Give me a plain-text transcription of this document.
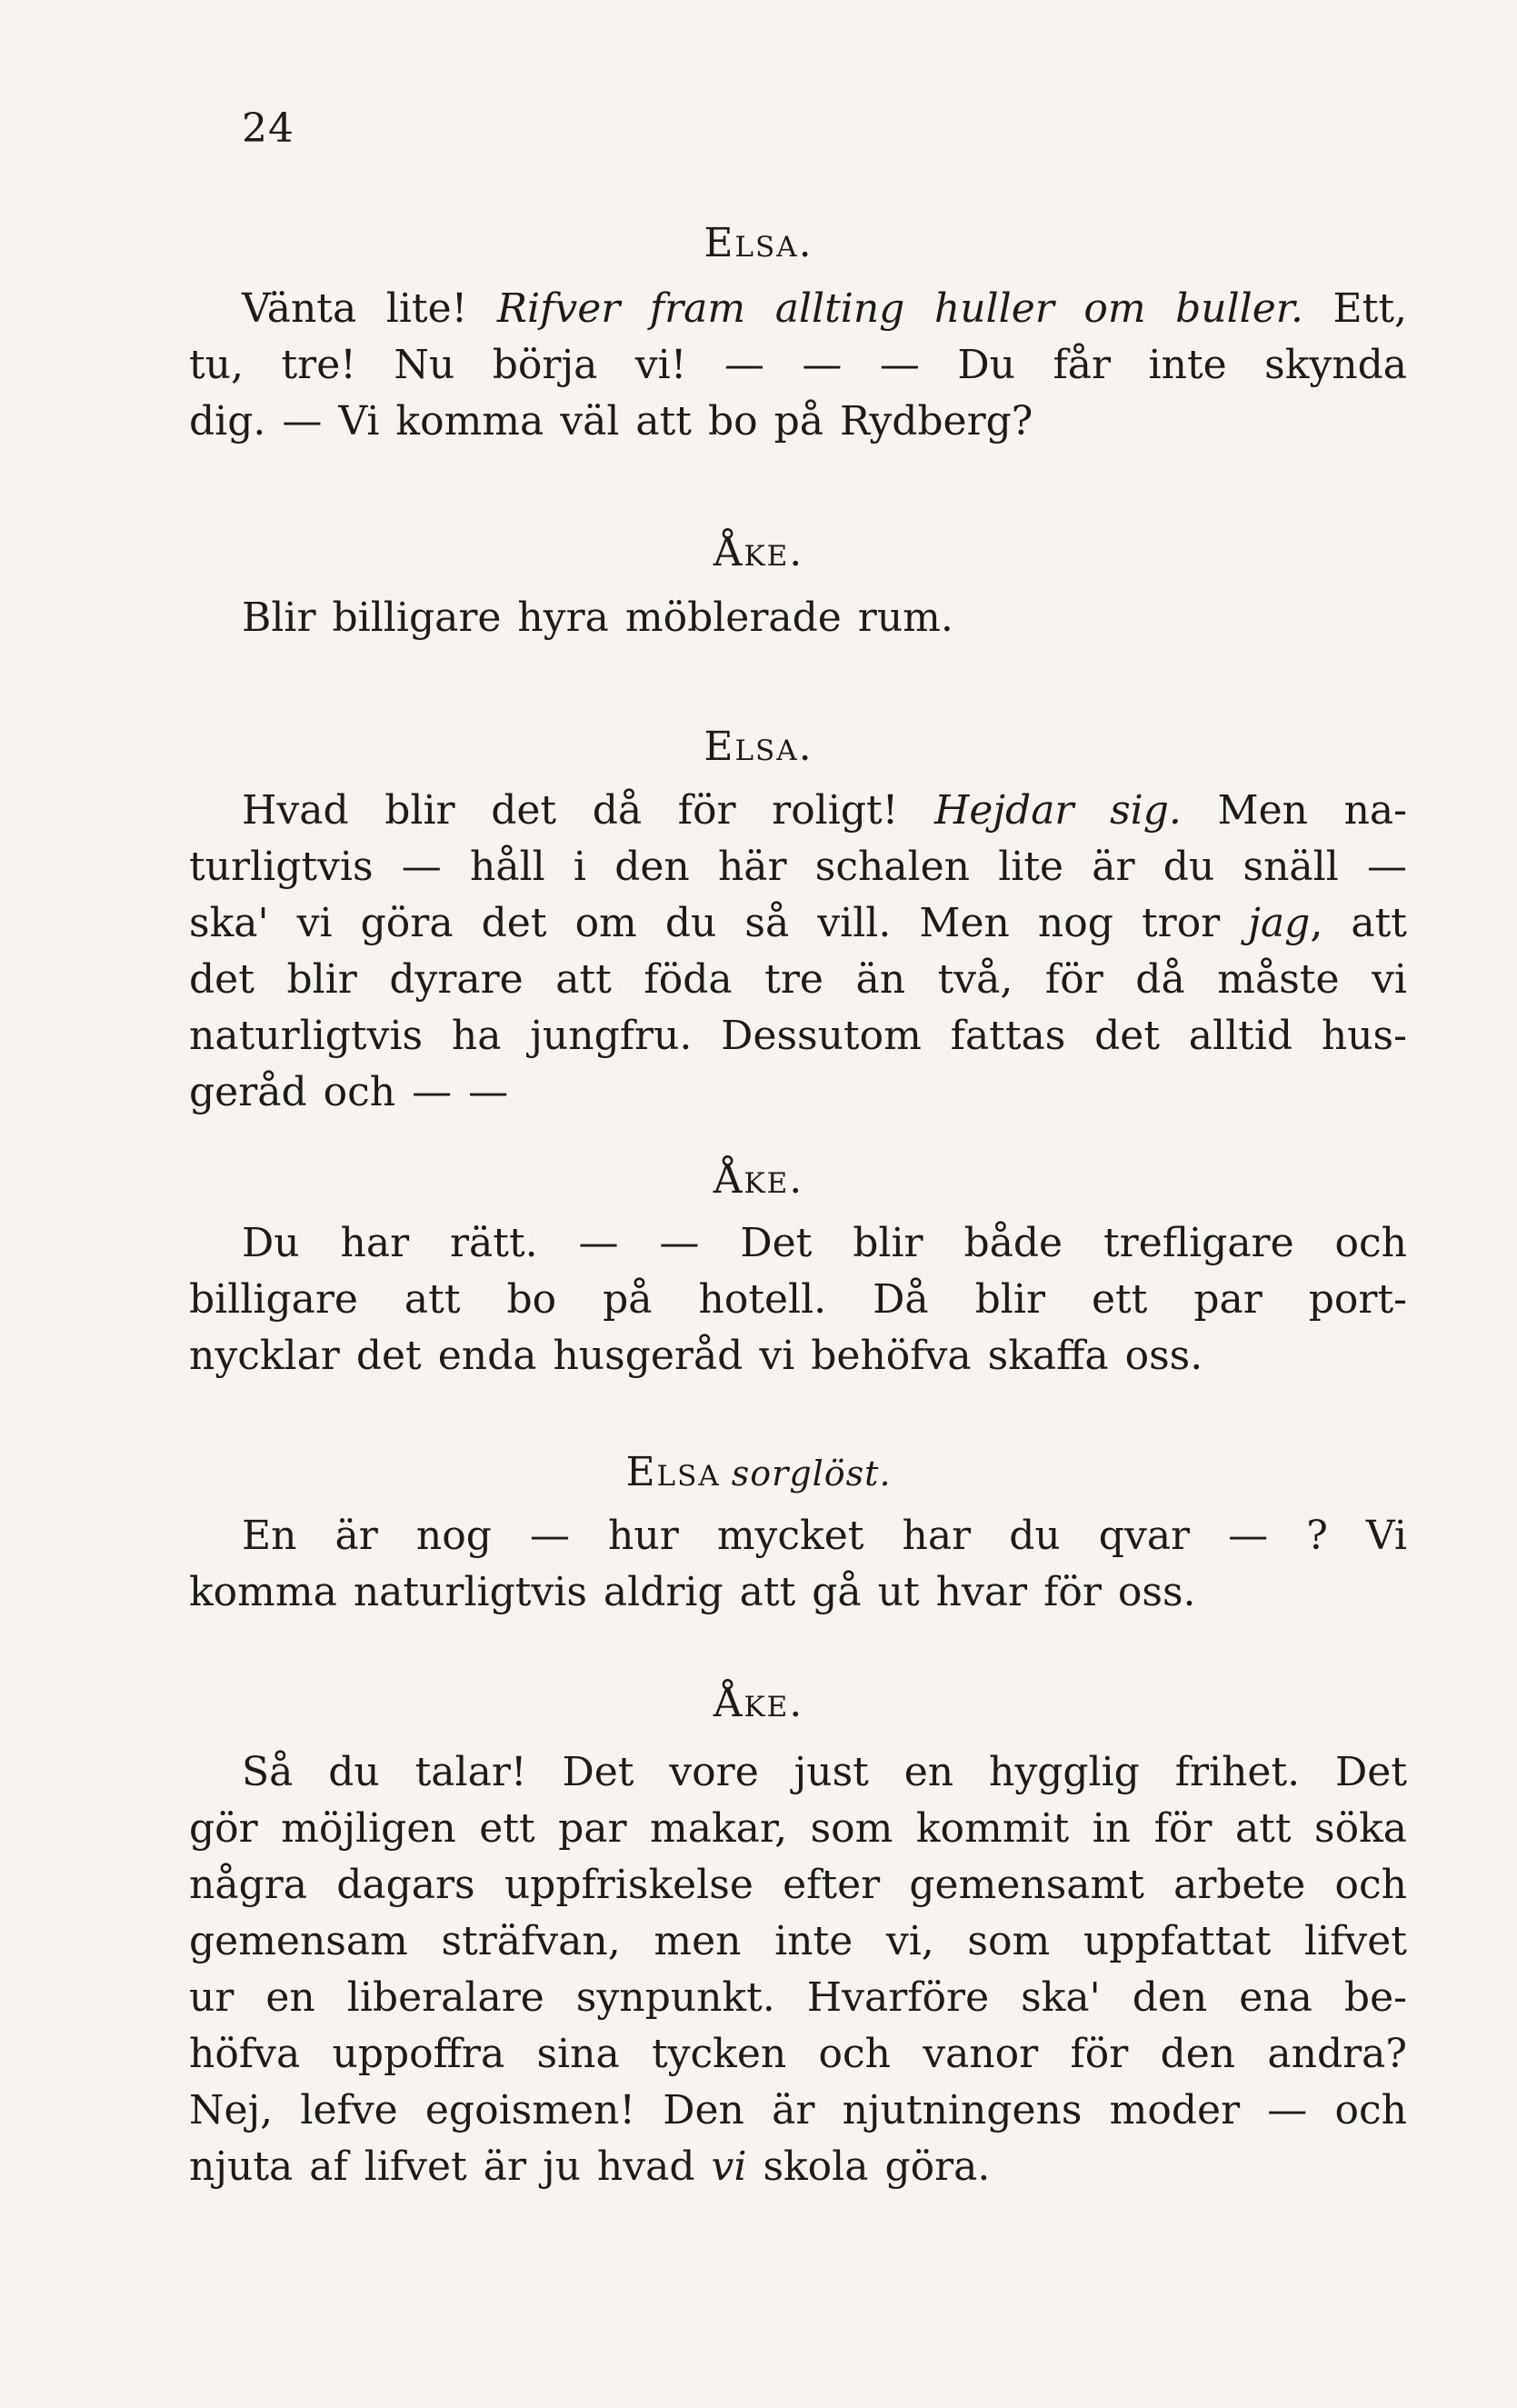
24
Elsa.
Vänta lite! Rifver fram allting huller om buller. Ett,
tu, tre! Nu börja vi! — — — Du får inte skynda
dig. — Vi komma väl att bo på Rydberg?
Åke.
Blir billigare hyra möblerade rum.
Elsa.
Hvad blir det då för roligt! Hejdar sig. Men na-
turligtvis — håll i den här schalen lite är du snäll —
ska' vi göra det om du så vill. Men nog tror jag, att
det blir dyrare att föda tre än två, för då måste vi
naturligtvis ha jungfru. Dessutom fattas det alltid hus-
geråd och — —
Åke.
Du har rätt. — — Det blir både trefligare och
billigare att bo på hotell. Då blir ett par port-
nycklar det enda husgeråd vi behöfva skaffa oss.
Elsa sorglöst.
En är nog — hur mycket har du qvar — ? Vi
komma naturligtvis aldrig att gå ut hvar för oss.
Åke.
Så du talar! Det vore just en hygglig frihet. Det
gör möjligen ett par makar, som kommit in för att söka
några dagars uppfriskelse efter gemensamt arbete och
gemensam sträfvan, men inte vi, som uppfattat lifvet
ur en liberalare synpunkt. Hvarföre ska' den ena be-
höfva uppoffra sina tycken och vanor för den andra?
Nej, lefve egoismen! Den är njutningens moder — och
njuta af lifvet är ju hvad vi skola göra.
